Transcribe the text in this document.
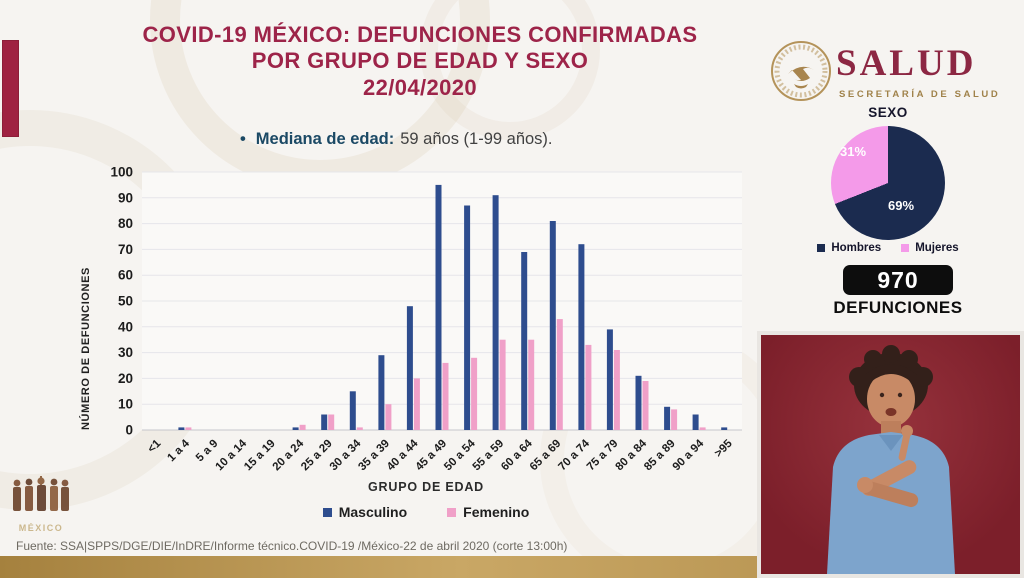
COVID-19 MÉXICO: DEFUNCIONES CONFIRMADAS
POR GRUPO DE EDAD Y SEXO
22/04/2020
• Mediana de edad: 59 años (1-99 años).
NÚMERO DE DEFUNCIONES 0
10
20
30
40
50
60
70
80
90
100
<1 1 a 4 5 a 9
10 a 14
15 a 19
20 a 24
25 a 29
30 a 34
35 a 39
40 a 44
45 a 49
50 a 54
55 a 59
60 a 64
65 a 69
70 a 74
75 a 79
80 a 84
85 a 89
90 a 94 >95
GRUPO DE EDAD
Masculino	Femenino
SALUD
SECRETARÍA DE SALUD
SEXO
31%
69%
Hombres	Mujeres
970
DEFUNCIONES
MÉXICO
Fuente: SSA|SPPS/DGE/DIE/InDRE/Informe técnico.COVID-19 /México-22 de abril 2020 (corte 13:00h)
